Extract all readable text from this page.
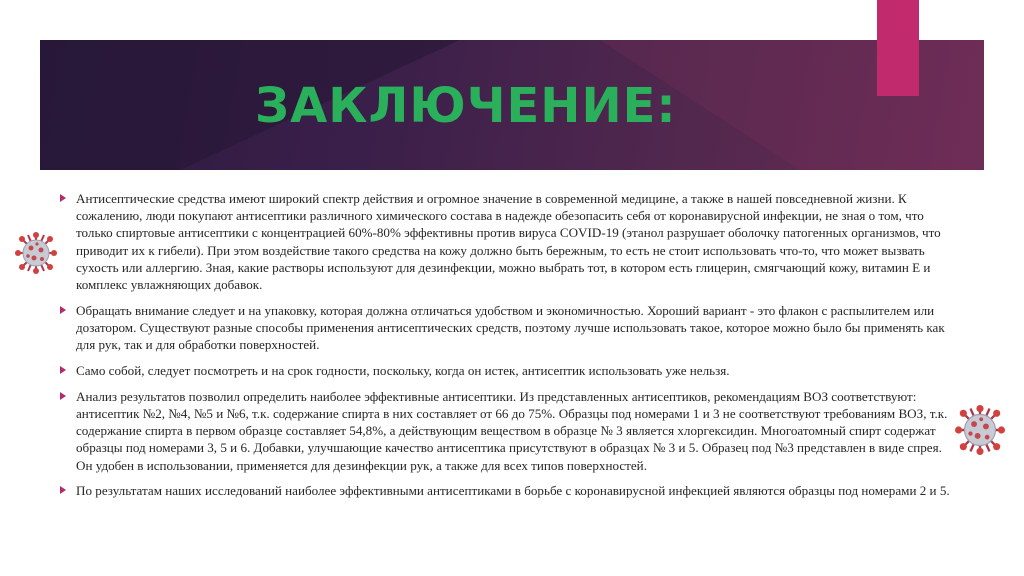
ЗАКЛЮЧЕНИЕ:
Антисептические средства имеют широкий спектр действия и огромное значение в современной медицине, а также в нашей повседневной жизни. К сожалению, люди покупают антисептики различного химического состава в надежде обезопасить себя от коронавирусной инфекции, не зная о том, что только спиртовые антисептики с концентрацией 60%-80% эффективны против вируса COVID-19 (этанол разрушает оболочку патогенных организмов, что приводит их к гибели). При этом воздействие такого средства на кожу должно быть бережным, то есть не стоит использовать что-то, что может вызвать сухость или аллергию. Зная, какие растворы используют для дезинфекции, можно выбрать тот, в котором есть глицерин, смягчающий кожу, витамин Е и комплекс увлажняющих добавок.
Обращать внимание следует и на упаковку, которая должна отличаться удобством и экономичностью. Хороший вариант - это флакон с распылителем или дозатором. Существуют разные способы применения антисептических средств, поэтому лучше использовать такое, которое можно было бы применять как для рук, так и для обработки поверхностей.
Само собой, следует посмотреть и на срок годности, поскольку, когда он истек, антисептик использовать уже нельзя.
Анализ результатов позволил определить наиболее эффективные антисептики. Из представленных антисептиков, рекомендациям ВОЗ соответствуют: антисептик №2, №4, №5 и №6, т.к. содержание спирта в них составляет от 66 до 75%. Образцы под номерами 1 и 3 не соответствуют требованиям ВОЗ, т.к. содержание спирта в первом образце составляет 54,8%, а действующим веществом в образце № 3 является хлоргексидин. Многоатомный спирт содержат образцы под номерами 3, 5 и 6. Добавки, улучшающие качество антисептика присутствуют в образцах № 3 и 5. Образец под №3 представлен в виде спрея. Он удобен в использовании, применяется для дезинфекции рук, а также для всех типов поверхностей.
По результатам наших исследований наиболее эффективными антисептиками в борьбе с коронавирусной инфекцией являются образцы под номерами 2 и 5.
